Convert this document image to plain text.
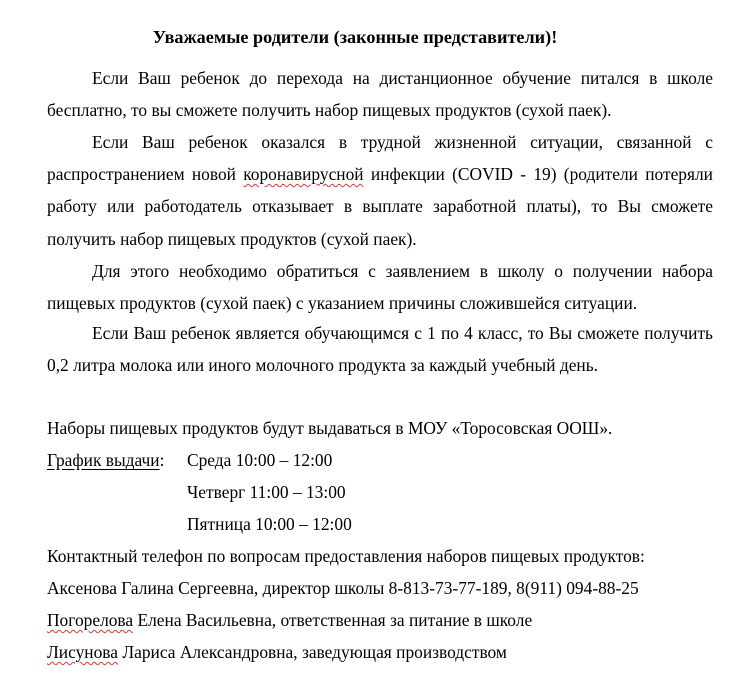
Уважаемые родители (законные представители)!
Если Ваш ребенок до перехода на дистанционное обучение питался в школе бесплатно, то вы сможете получить набор пищевых продуктов (сухой паек).
Если Ваш ребенок оказался в трудной жизненной ситуации, связанной с распространением новой коронавирусной инфекции (COVID - 19) (родители потеряли работу или работодатель отказывает в выплате заработной платы), то Вы сможете получить набор пищевых продуктов (сухой паек).
Для этого необходимо обратиться с заявлением в школу о получении набора пищевых продуктов (сухой паек) с указанием причины сложившейся ситуации.
Если Ваш ребенок является обучающимся с 1 по 4 класс, то Вы сможете получить 0,2 литра молока или иного молочного продукта за каждый учебный день.
Наборы пищевых продуктов будут выдаваться в МОУ «Торосовская ООШ».
График выдачи: Среда 10:00 – 12:00
Четверг 11:00 – 13:00
Пятница 10:00 – 12:00
Контактный телефон по вопросам предоставления наборов пищевых продуктов:
Аксенова Галина Сергеевна, директор школы 8-813-73-77-189, 8(911) 094-88-25
Погорелова Елена Васильевна, ответственная за питание в школе
Лисунова Лариса Александровна, заведующая производством
